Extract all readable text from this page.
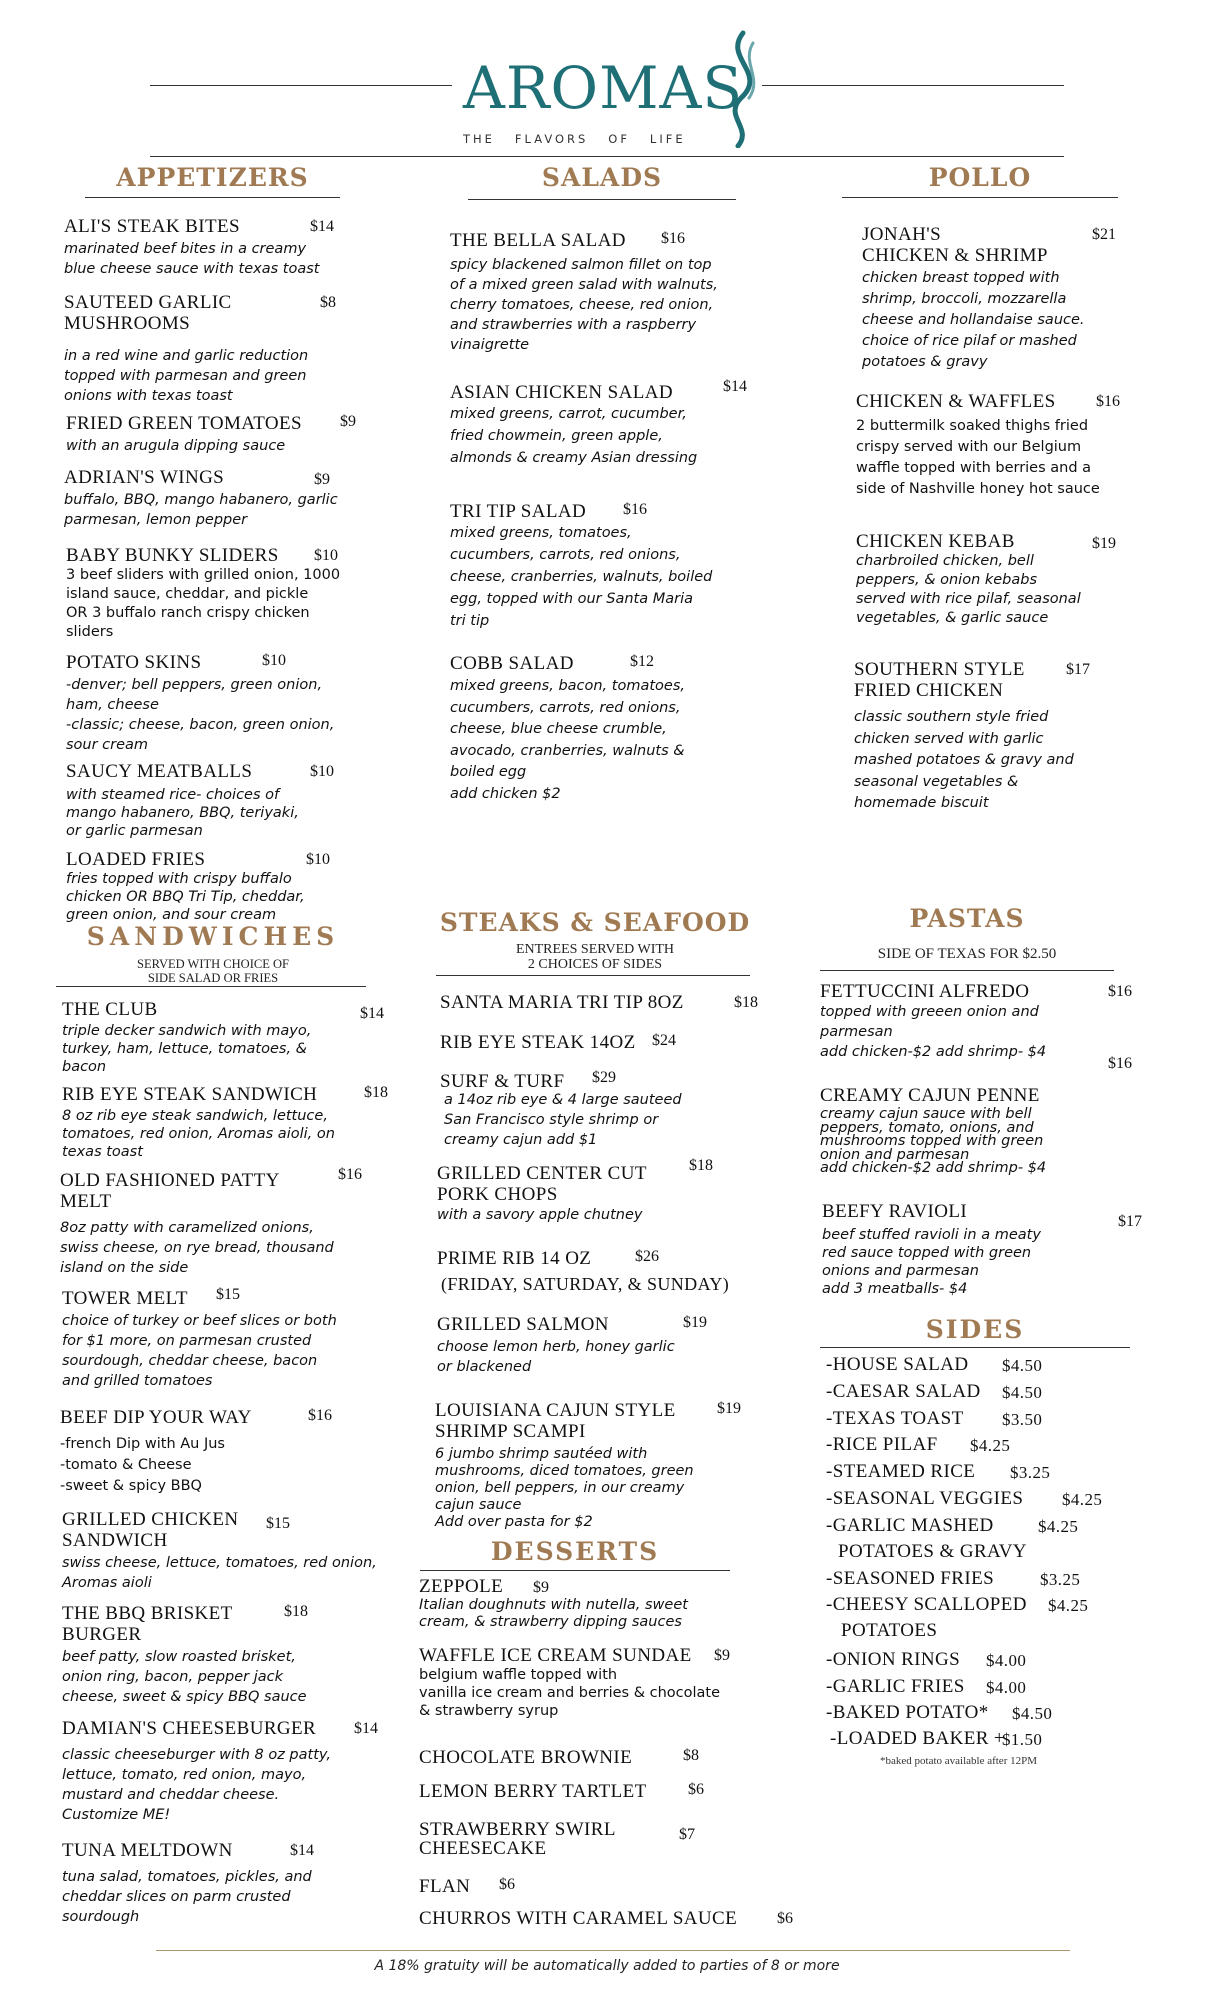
AROMAS
THE   FLAVORS   OF   LIFE
APPETIZERS	SALADS	POLLO
SANDWICHES
SERVED WITH CHOICE OF
SIDE SALAD OR FRIES
STEAKS & SEAFOOD
ENTREES SERVED WITH
2 CHOICES OF SIDES
PASTAS
SIDE OF TEXAS FOR $2.50
DESSERTS
SIDES
ALI'S STEAK BITES	$14
marinated beef bites in a creamy
blue cheese sauce with texas toast
SAUTEED GARLIC
MUSHROOMS
$8
in a red wine and garlic reduction
topped with parmesan and green
onions with texas toast
FRIED GREEN TOMATOES	$9
with an arugula dipping sauce
ADRIAN'S WINGS	$9
buffalo, BBQ, mango habanero, garlic
parmesan, lemon pepper
BABY BUNKY SLIDERS	$10
3 beef sliders with grilled onion, 1000
island sauce, cheddar, and pickle
OR 3 buffalo ranch crispy chicken
sliders
POTATO SKINS	$10
-denver; bell peppers, green onion,
ham, cheese
-classic; cheese, bacon, green onion,
sour cream
SAUCY MEATBALLS	$10
with steamed rice- choices of
mango habanero, BBQ, teriyaki,
or garlic parmesan
LOADED FRIES	$10
fries topped with crispy buffalo
chicken OR BBQ Tri Tip, cheddar,
green onion, and sour cream
THE CLUB	$14
triple decker sandwich with mayo,
turkey, ham, lettuce, tomatoes, &
bacon
RIB EYE STEAK SANDWICH	$18
8 oz rib eye steak sandwich, lettuce,
tomatoes, red onion, Aromas aioli, on
texas toast
OLD FASHIONED PATTY
MELT
$16
8oz patty with caramelized onions,
swiss cheese, on rye bread, thousand
island on the side
TOWER MELT	$15
choice of turkey or beef slices or both
for $1 more, on parmesan crusted
sourdough, cheddar cheese, bacon
and grilled tomatoes
BEEF DIP YOUR WAY	$16
-french Dip with Au Jus
-tomato & Cheese
-sweet & spicy BBQ
GRILLED CHICKEN
SANDWICH
$15
swiss cheese, lettuce, tomatoes, red onion,
Aromas aioli
THE BBQ BRISKET
BURGER
$18
beef patty, slow roasted brisket,
onion ring, bacon, pepper jack
cheese, sweet & spicy BBQ sauce
DAMIAN'S CHEESEBURGER	$14
classic cheeseburger with 8 oz patty,
lettuce, tomato, red onion, mayo,
mustard and cheddar cheese.
Customize ME!
TUNA MELTDOWN	$14
tuna salad, tomatoes, pickles, and
cheddar slices on parm crusted
sourdough
THE BELLA SALAD	$16
spicy blackened salmon fillet on top
of a mixed green salad with walnuts,
cherry tomatoes, cheese, red onion,
and strawberries with a raspberry
vinaigrette
ASIAN CHICKEN SALAD	$14
mixed greens, carrot, cucumber,
fried chowmein, green apple,
almonds & creamy Asian dressing
TRI TIP SALAD	$16
mixed greens, tomatoes,
cucumbers, carrots, red onions,
cheese, cranberries, walnuts, boiled
egg, topped with our Santa Maria
tri tip
COBB SALAD	$12
mixed greens, bacon, tomatoes,
cucumbers, carrots, red onions,
cheese, blue cheese crumble,
avocado, cranberries, walnuts &
boiled egg
add chicken $2
SANTA MARIA TRI TIP 8OZ	$18
RIB EYE STEAK 14OZ	$24
SURF & TURF	$29
a 14oz rib eye & 4 large sauteed
San Francisco style shrimp or
creamy cajun add $1
GRILLED CENTER CUT
PORK CHOPS
$18
with a savory apple chutney
PRIME RIB 14 OZ	$26
(FRIDAY, SATURDAY, & SUNDAY)
GRILLED SALMON	$19
choose lemon herb, honey garlic
or blackened
LOUISIANA CAJUN STYLE
SHRIMP SCAMPI
$19
6 jumbo shrimp sautéed with
mushrooms, diced tomatoes, green
onion, bell peppers, in our creamy
cajun sauce
Add over pasta for $2
ZEPPOLE	$9
Italian doughnuts with nutella, sweet
cream, & strawberry dipping sauces
WAFFLE ICE CREAM SUNDAE	$9
belgium waffle topped with
vanilla ice cream and berries & chocolate
& strawberry syrup
CHOCOLATE BROWNIE	$8
LEMON BERRY TARTLET	$6
STRAWBERRY SWIRL
CHEESECAKE
$7
FLAN	$6
CHURROS WITH CARAMEL SAUCE	$6
JONAH'S
CHICKEN & SHRIMP
$21
chicken breast topped with
shrimp, broccoli, mozzarella
cheese and hollandaise sauce.
choice of rice pilaf or mashed
potatoes & gravy
CHICKEN & WAFFLES	$16
2 buttermilk soaked thighs fried
crispy served with our Belgium
waffle topped with berries and a
side of Nashville honey hot sauce
CHICKEN KEBAB	$19
charbroiled chicken, bell
peppers, & onion kebabs
served with rice pilaf, seasonal
vegetables, & garlic sauce
SOUTHERN STYLE
FRIED CHICKEN
$17
classic southern style fried
chicken served with garlic
mashed potatoes & gravy and
seasonal vegetables &
homemade biscuit
FETTUCCINI ALFREDO	$16
topped with greeen onion and
parmesan
add chicken-$2 add shrimp- $4
CREAMY CAJUN PENNE
$16
creamy cajun sauce with bell
peppers, tomato, onions, and
mushrooms topped with green
onion and parmesan
add chicken-$2 add shrimp- $4
BEEFY RAVIOLI	$17
beef stuffed ravioli in a meaty
red sauce topped with green
onions and parmesan
add 3 meatballs- $4
-HOUSE SALAD $4.50
-CAESAR SALAD $4.50
-TEXAS TOAST $3.50
-RICE PILAF $4.25
-STEAMED RICE $3.25
-SEASONAL VEGGIES $4.25
-GARLIC MASHED	$4.25
POTATOES & GRAVY
-SEASONED FRIES	$3.25
-CHEESY SCALLOPED $4.25
POTATOES
-ONION RINGS $4.00
-GARLIC FRIES $4.00
-BAKED POTATO* $4.50
-LOADED BAKER +
$1.50
*baked potato available after 12PM
A 18% gratuity will be automatically added to parties of 8 or more
